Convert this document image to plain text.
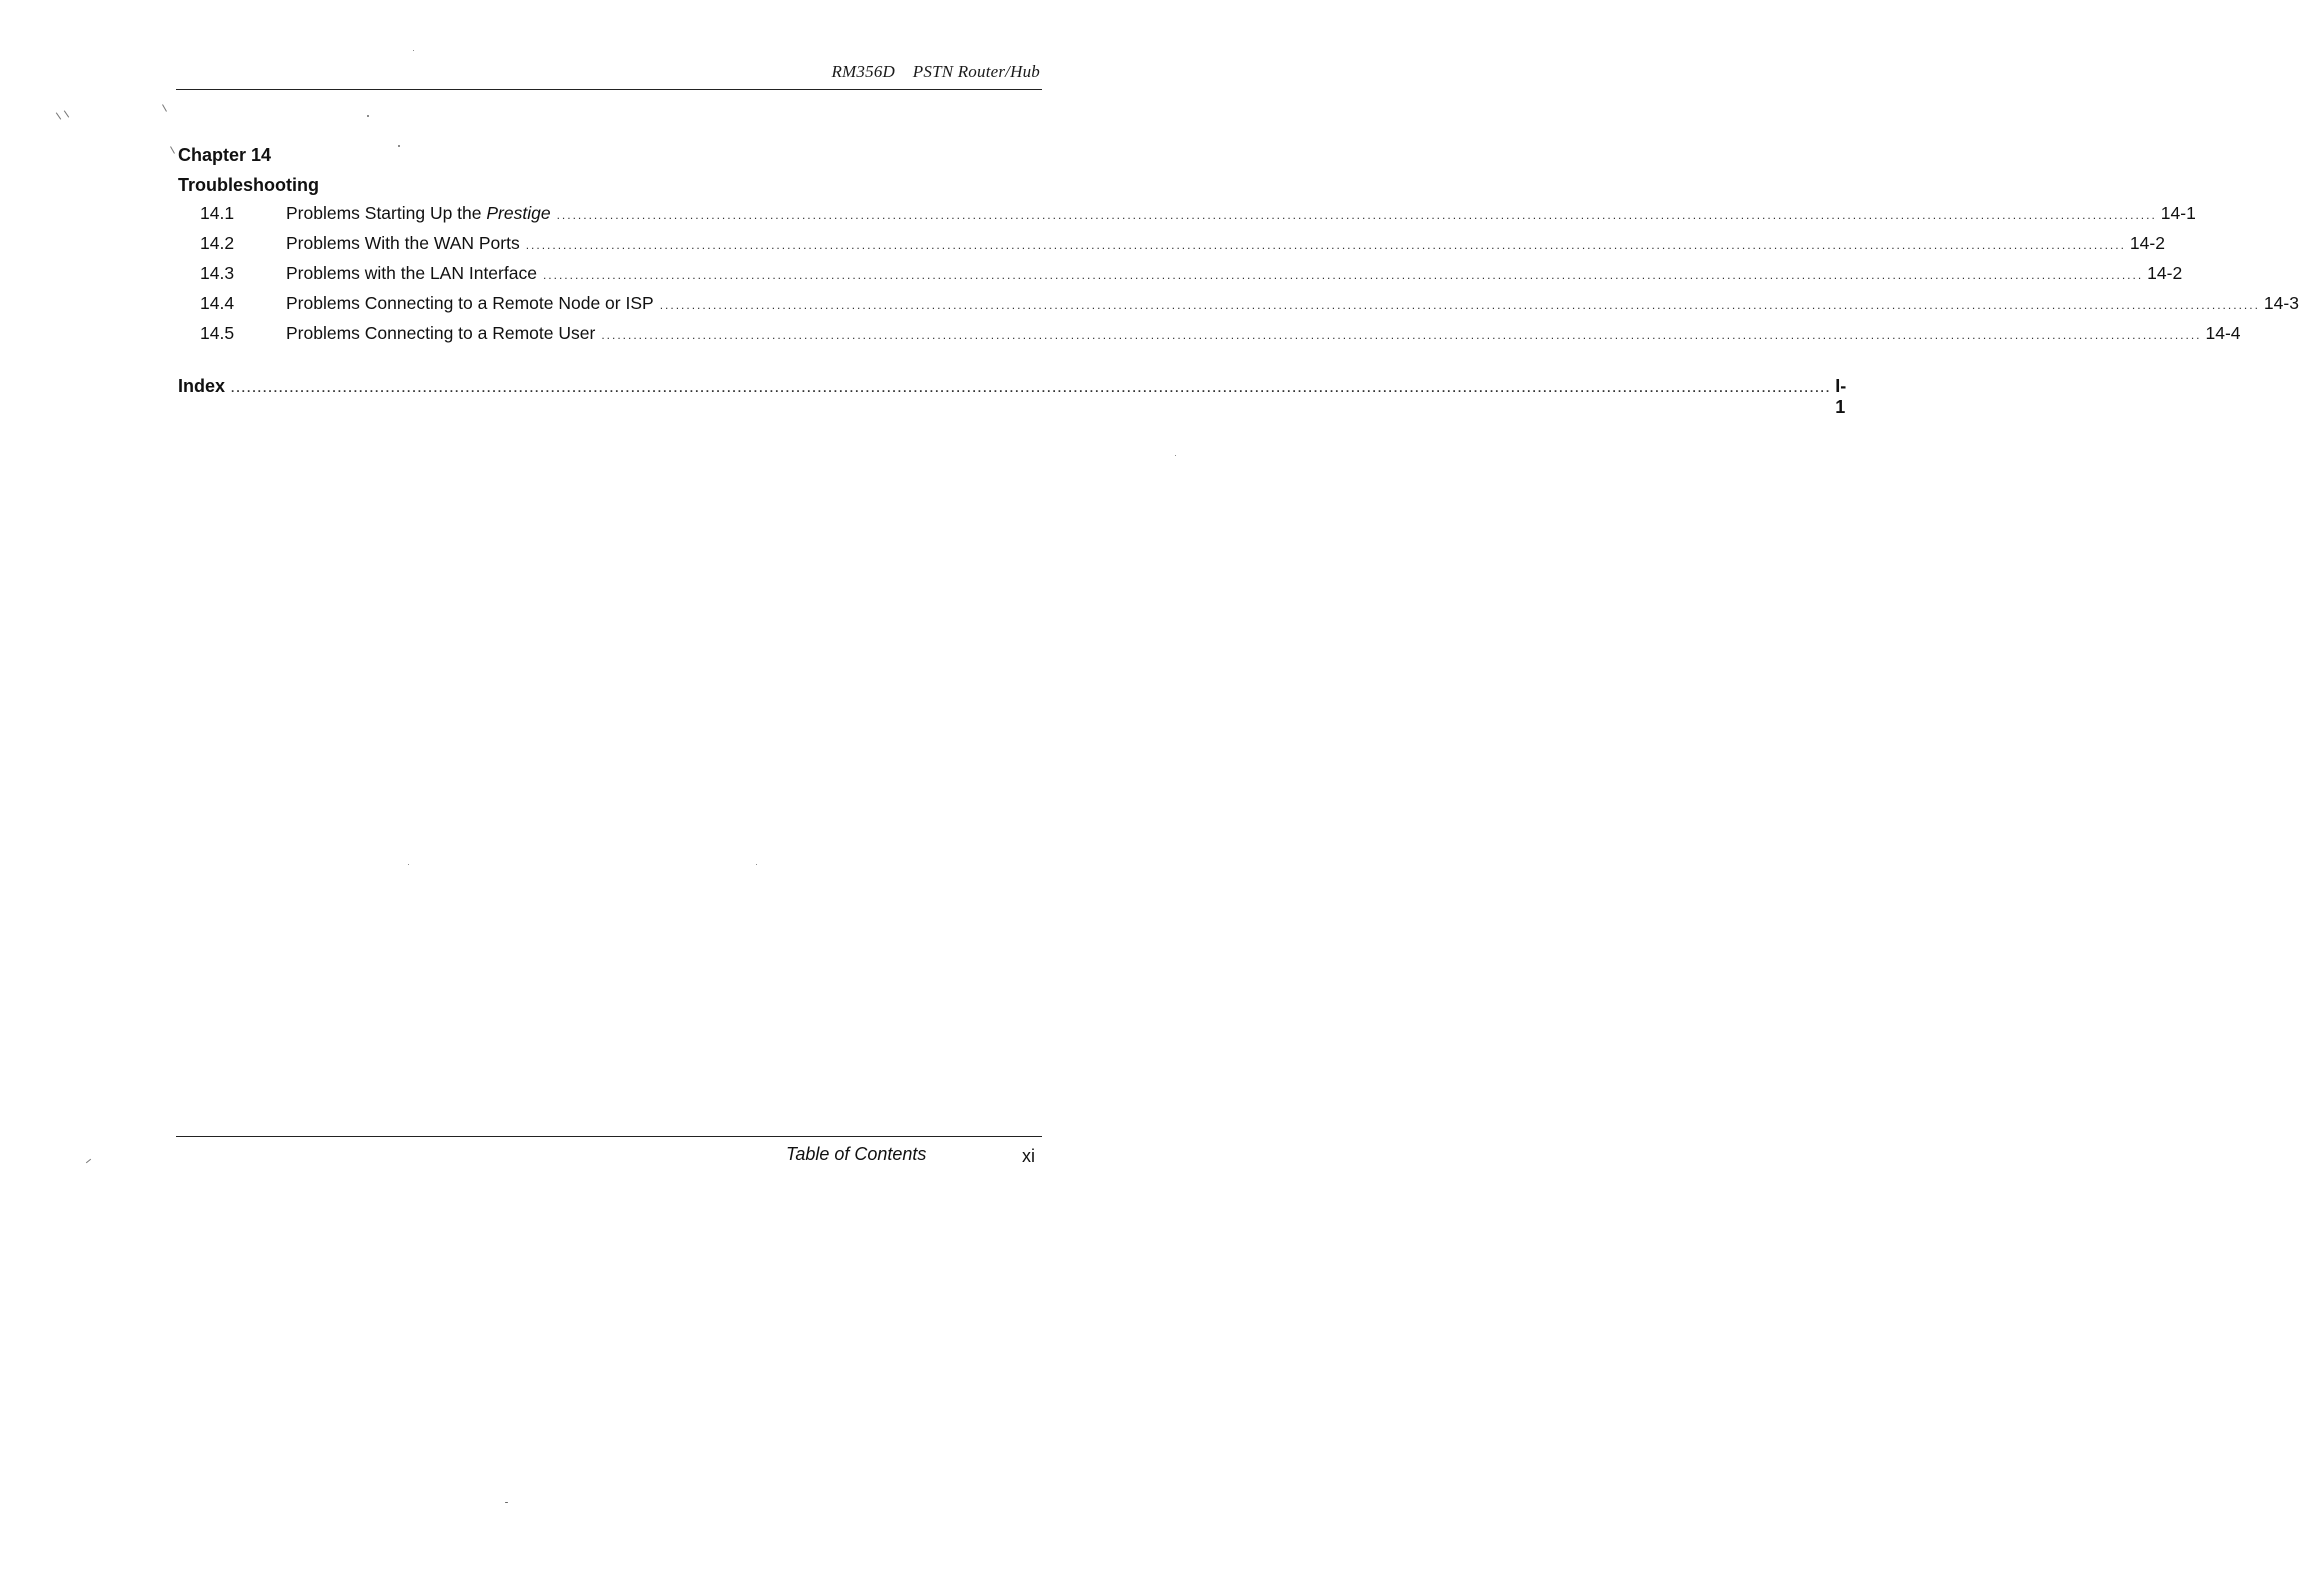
RM356D    PSTN Router/Hub
Chapter 14
Troubleshooting
14.1	Problems Starting Up the Prestige ............................................................................................................................................................................................................................................................................................................ 14-1
14.2	Problems With the WAN Ports ............................................................................................................................................................................................................................................................................................................ 14-2
14.3	Problems with the LAN Interface ............................................................................................................................................................................................................................................................................................................ 14-2
14.4	Problems Connecting to a Remote Node or ISP ............................................................................................................................................................................................................................................................................................................ 14-3
14.5	Problems Connecting to a Remote User ............................................................................................................................................................................................................................................................................................................ 14-4
Index ............................................................................................................................................................................................................................................................................................................ I-1
Table of Contents	xi
